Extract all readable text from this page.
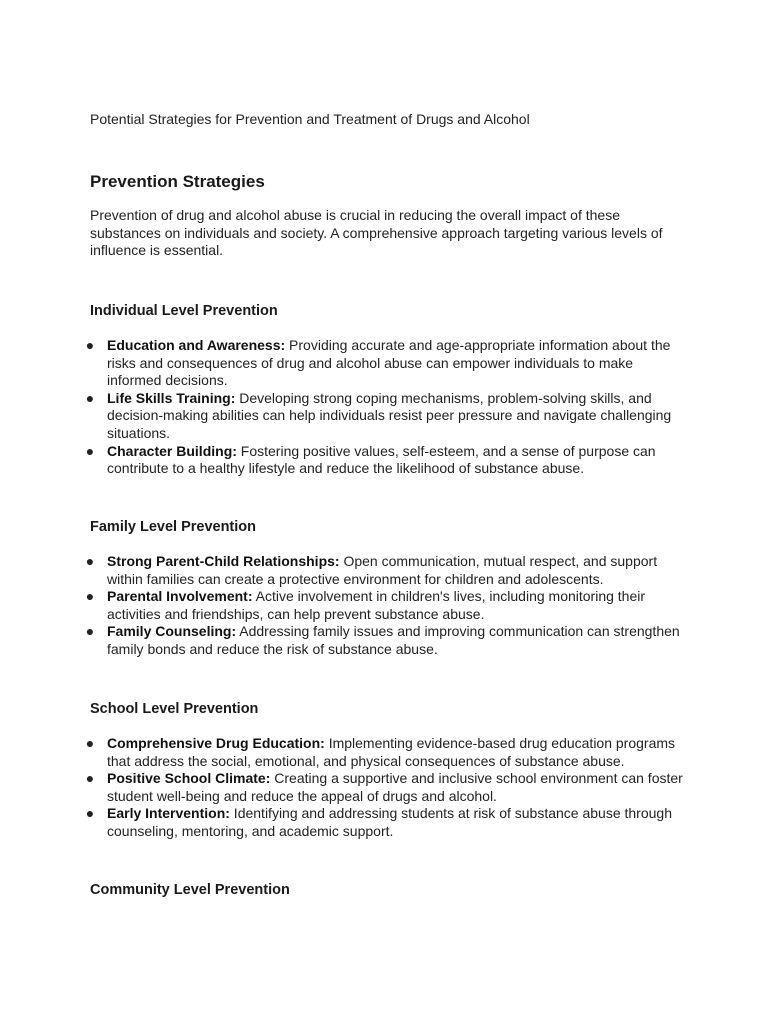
Potential Strategies for Prevention and Treatment of Drugs and Alcohol

Prevention Strategies

Prevention of drug and alcohol abuse is crucial in reducing the overall impact of these substances on individuals and society. A comprehensive approach targeting various levels of influence is essential.

Individual Level Prevention
● Education and Awareness: Providing accurate and age-appropriate information about the risks and consequences of drug and alcohol abuse can empower individuals to make informed decisions.
● Life Skills Training: Developing strong coping mechanisms, problem-solving skills, and decision-making abilities can help individuals resist peer pressure and navigate challenging situations.
● Character Building: Fostering positive values, self-esteem, and a sense of purpose can contribute to a healthy lifestyle and reduce the likelihood of substance abuse.
Family Level Prevention
● Strong Parent-Child Relationships: Open communication, mutual respect, and support within families can create a protective environment for children and adolescents.
● Parental Involvement: Active involvement in children's lives, including monitoring their activities and friendships, can help prevent substance abuse.
● Family Counseling: Addressing family issues and improving communication can strengthen family bonds and reduce the risk of substance abuse.
School Level Prevention
● Comprehensive Drug Education: Implementing evidence-based drug education programs that address the social, emotional, and physical consequences of substance abuse.
● Positive School Climate: Creating a supportive and inclusive school environment can foster student well-being and reduce the appeal of drugs and alcohol.
● Early Intervention: Identifying and addressing students at risk of substance abuse through counseling, mentoring, and academic support.
Community Level Prevention
